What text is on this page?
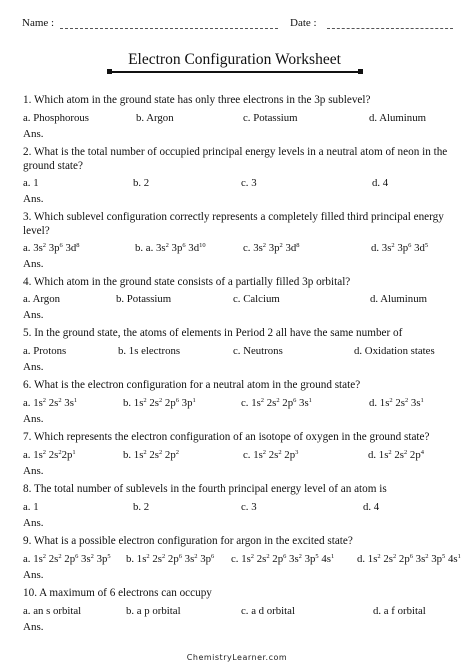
Name :	Date :
Electron Configuration Worksheet
1. Which atom in the ground state has only three electrons in the 3p sublevel?
a. Phosphorous	b. Argon	c. Potassium	d. Aluminum
Ans.
2. What is the total number of occupied principal energy levels in a neutral atom of neon in the ground state?
a. 1	b. 2	c. 3	d. 4
Ans.
3. Which sublevel configuration correctly represents a completely filled third principal energy level?
a. $3s^2$ $3p^6$ $3d^8$	b. a. $3s^2$ $3p^6$ $3d^{10}$	c. $3s^2$ $3p^2$ $3d^8$	d. $3s^2$ $3p^6$ $3d^5$
Ans.
4. Which atom in the ground state consists of a partially filled 3p orbital?
a. Argon	b. Potassium	c. Calcium	d. Aluminum
Ans.
5. In the ground state, the atoms of elements in Period 2 all have the same number of
a. Protons	b. 1s electrons	c. Neutrons	d. Oxidation states
Ans.
6. What is the electron configuration for a neutral atom in the ground state?
a. $1s^2$ $2s^2$ $3s^1$	b. $1s^2$ $2s^2$ $2p^6$ $3p^1$	c. $1s^2$ $2s^2$ $2p^6$ $3s^1$	d. $1s^2$ $2s^2$ $3s^1$
Ans.
7. Which represents the electron configuration of an isotope of oxygen in the ground state?
a. $1s^2$ $2s^22p^1$	b. $1s^2$ $2s^2$ $2p^2$	c. $1s^2$ $2s^2$ $2p^3$	d. $1s^2$ $2s^2$ $2p^4$
Ans.
8. The total number of sublevels in the fourth principal energy level of an atom is
a. 1	b. 2	c. 3	d. 4
Ans.
9. What is a possible electron configuration for argon in the excited state?
a. $1s^2$ $2s^2$ $2p^6$ $3s^2$ $3p^5$ b. $1s^2$ $2s^2$ $2p^6$ $3s^2$ $3p^6$ c. $1s^2$ $2s^2$ $2p^6$ $3s^2$ $3p^5$ $4s^1$ d. $1s^2$ $2s^2$ $2p^6$ $3s^2$ $3p^5$ $4s^1$
Ans.
10. A maximum of 6 electrons can occupy
a. an s orbital	b. a p orbital	c. a d orbital	d. a f orbital
Ans.
ChemistryLearner.com
